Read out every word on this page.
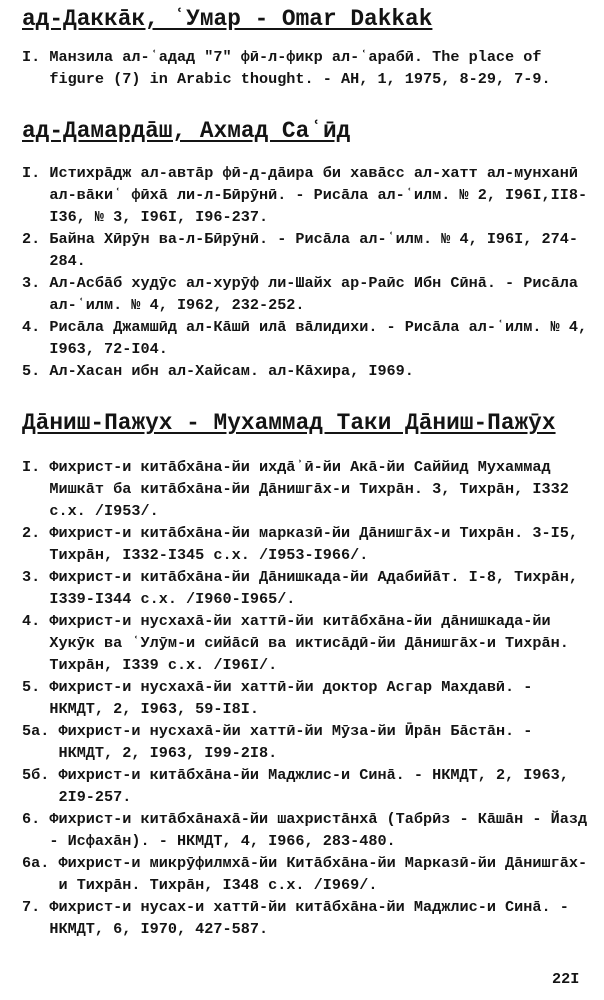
ад-Даккāк, ʿУмар - Omar Dakkak
I. Манзила ал-ʿадад "7" фӣ-л-фикр ал-ʿарабӣ. The place of figure (7) in Arabic thought. - АН, 1, 1975, 8-29, 7-9.
ад-Дамардāш, Ахмад Саʿӣд
I. Истихрāдж ал-автāр фӣ-д-дāира би хавāсс ал-хатт ал-мунханӣ ал-вāкиʿ фӣхā ли-л-Бӣрӯнӣ. - Рисāла ал-ʿилм. № 2, I96I,II8-I36, № 3, I96I, I96-237.
2. Байна Хӣрӯн ва-л-Бӣрӯнӣ. - Рисāла ал-ʿилм. № 4, I96I, 274-284.
3. Ал-Асбāб худӯс ал-хурӯф ли-Шайх ар-Раӣс Ибн Сӣнā. - Рисāла ал-ʿилм. № 4, I962, 232-252.
4. Рисāла Джамшӣд ал-Кāшӣ илā вāлидихи. - Рисāла ал-ʿилм. № 4, I963, 72-I04.
5. Ал-Хасан ибн ал-Хайсам. ал-Кāхира, I969.
Дāниш-Пажух - Мухаммад Таки Дāниш-Пажӯх
I. Фихрист-и китāбхāна-йи ихдāʾӣ-йи Акā-йи Саййид Мухаммад Мишкāт ба китāбхāна-йи Дāнишгāх-и Тихрāн. 3, Тихрāн, I332 с.х. /I953/.
2. Фихрист-и китāбхāна-йи марказӣ-йи Дāнишгāх-и Тихрāн. 3-I5, Тихрāн, I332-I345 с.х. /I953-I966/.
3. Фихрист-и китāбхāна-йи Дāнишкада-йи Адабийāт. I-8, Тихрāн, I339-I344 с.х. /I960-I965/.
4. Фихрист-и нусхахā-йи хаттӣ-йи китāбхāна-йи дāнишкада-йи Хукӯк ва ʿУлӯм-и сийāсӣ ва иктисāдӣ-йи Дāнишгāх-и Тихрāн. Тихрāн, I339 с.х. /I96I/.
5. Фихрист-и нусхахā-йи хаттӣ-йи доктор Асгар Махдавӣ. - НКМДТ, 2, I963, 59-I8I.
5а. Фихрист-и нусхахā-йи хаттӣ-йи Мӯза-йи Ӣрāн Бāстāн. - НКМДТ, 2, I963, I99-2I8.
5б. Фихрист-и китāбхāна-йи Маджлис-и Синā. - НКМДТ, 2, I963, 2I9-257.
6. Фихрист-и китāбхāнахā-йи шахристāнхā (Табрӣз - Кāшāн - Йазд - Исфахāн). - НКМДТ, 4, I966, 283-480.
6а. Фихрист-и микрӯфилмхā-йи Китāбхāна-йи Марказӣ-йи Дāнишгāх-и Тихрāн. Тихрāн, I348 с.х. /I969/.
7. Фихрист-и нусах-и хаттӣ-йи китāбхāна-йи Маджлис-и Синā. - НКМДТ, 6, I970, 427-587.
22I
